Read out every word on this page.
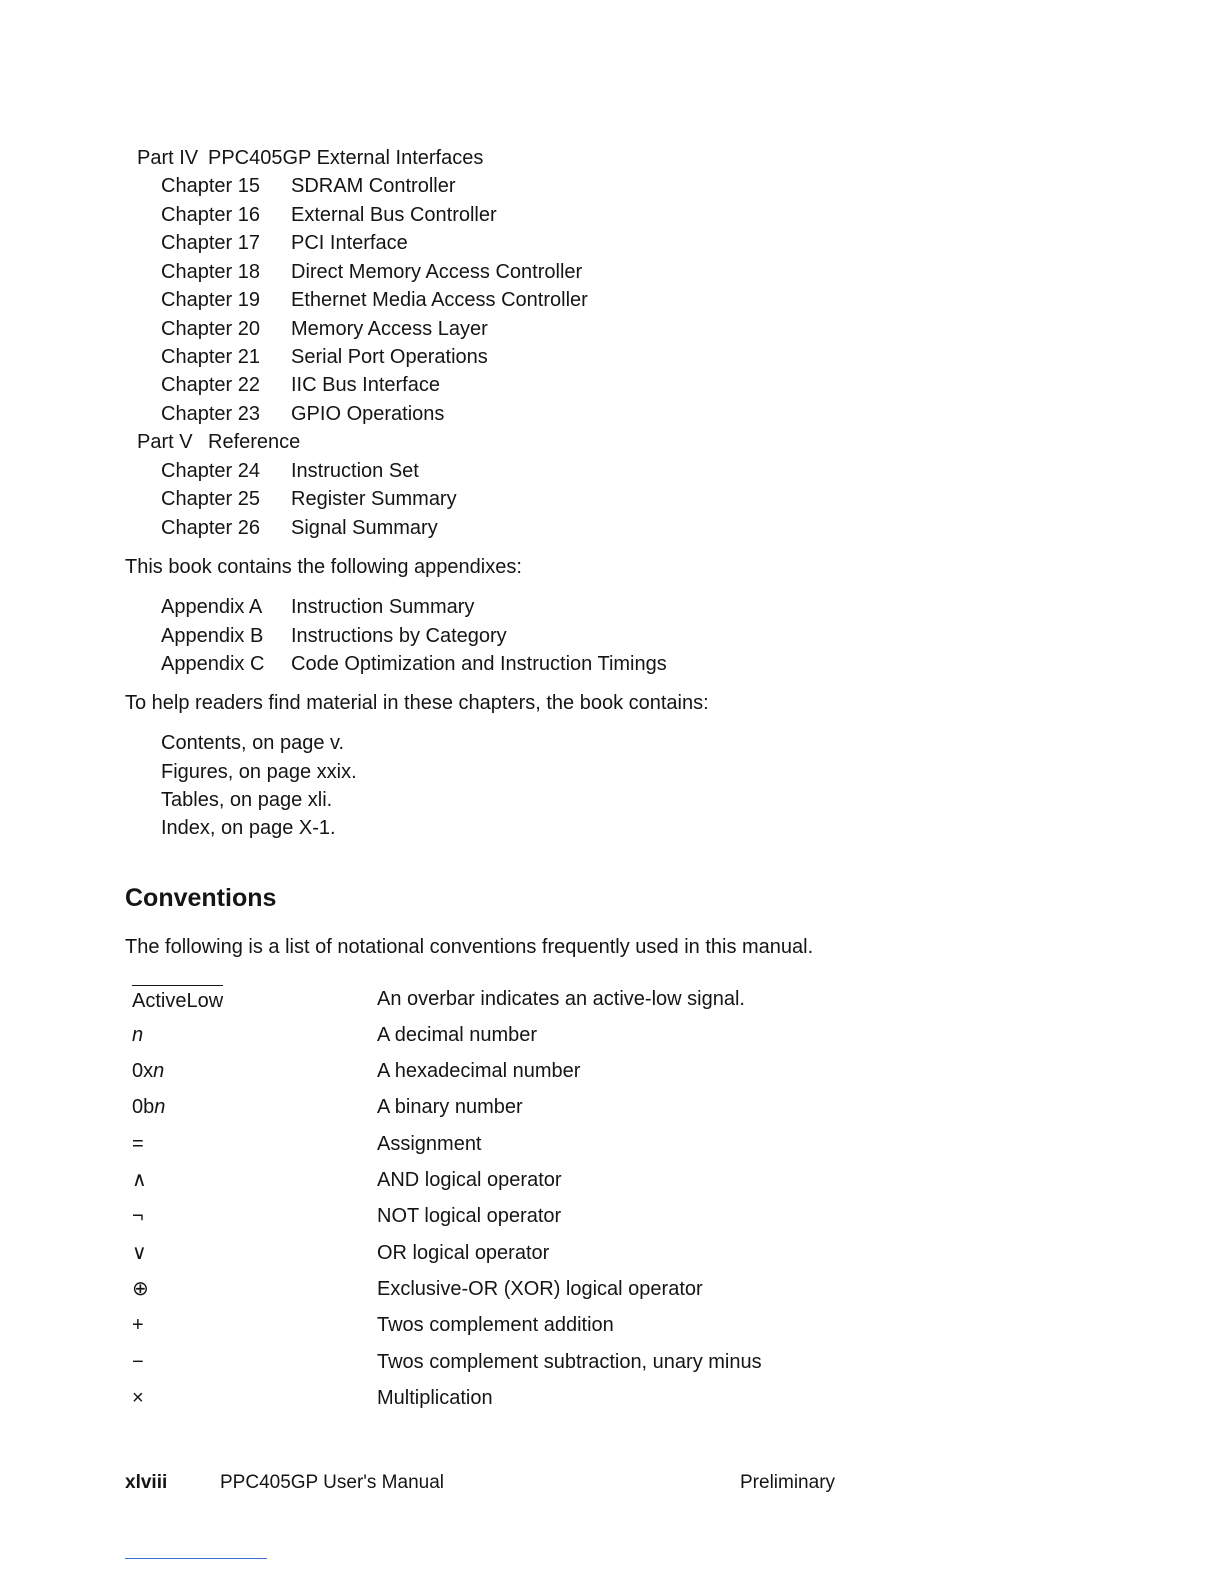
Part IV PPC405GP External Interfaces
Chapter 15 SDRAM Controller
Chapter 16 External Bus Controller
Chapter 17 PCI Interface
Chapter 18 Direct Memory Access Controller
Chapter 19 Ethernet Media Access Controller
Chapter 20 Memory Access Layer
Chapter 21 Serial Port Operations
Chapter 22 IIC Bus Interface
Chapter 23 GPIO Operations
Part V Reference
Chapter 24 Instruction Set
Chapter 25 Register Summary
Chapter 26 Signal Summary
This book contains the following appendixes:
Appendix A Instruction Summary
Appendix B Instructions by Category
Appendix C Code Optimization and Instruction Timings
To help readers find material in these chapters, the book contains:
Contents, on page v.
Figures, on page xxix.
Tables, on page xli.
Index, on page X-1.
Conventions
The following is a list of notational conventions frequently used in this manual.
ActiveLow	An overbar indicates an active-low signal.
n	A decimal number
0xn	A hexadecimal number
0bn	A binary number
=	Assignment
∧	AND logical operator
¬	NOT logical operator
∨	OR logical operator
⊕	Exclusive-OR (XOR) logical operator
+	Twos complement addition
−	Twos complement subtraction, unary minus
×	Multiplication
xlviii	PPC405GP User's Manual	Preliminary
